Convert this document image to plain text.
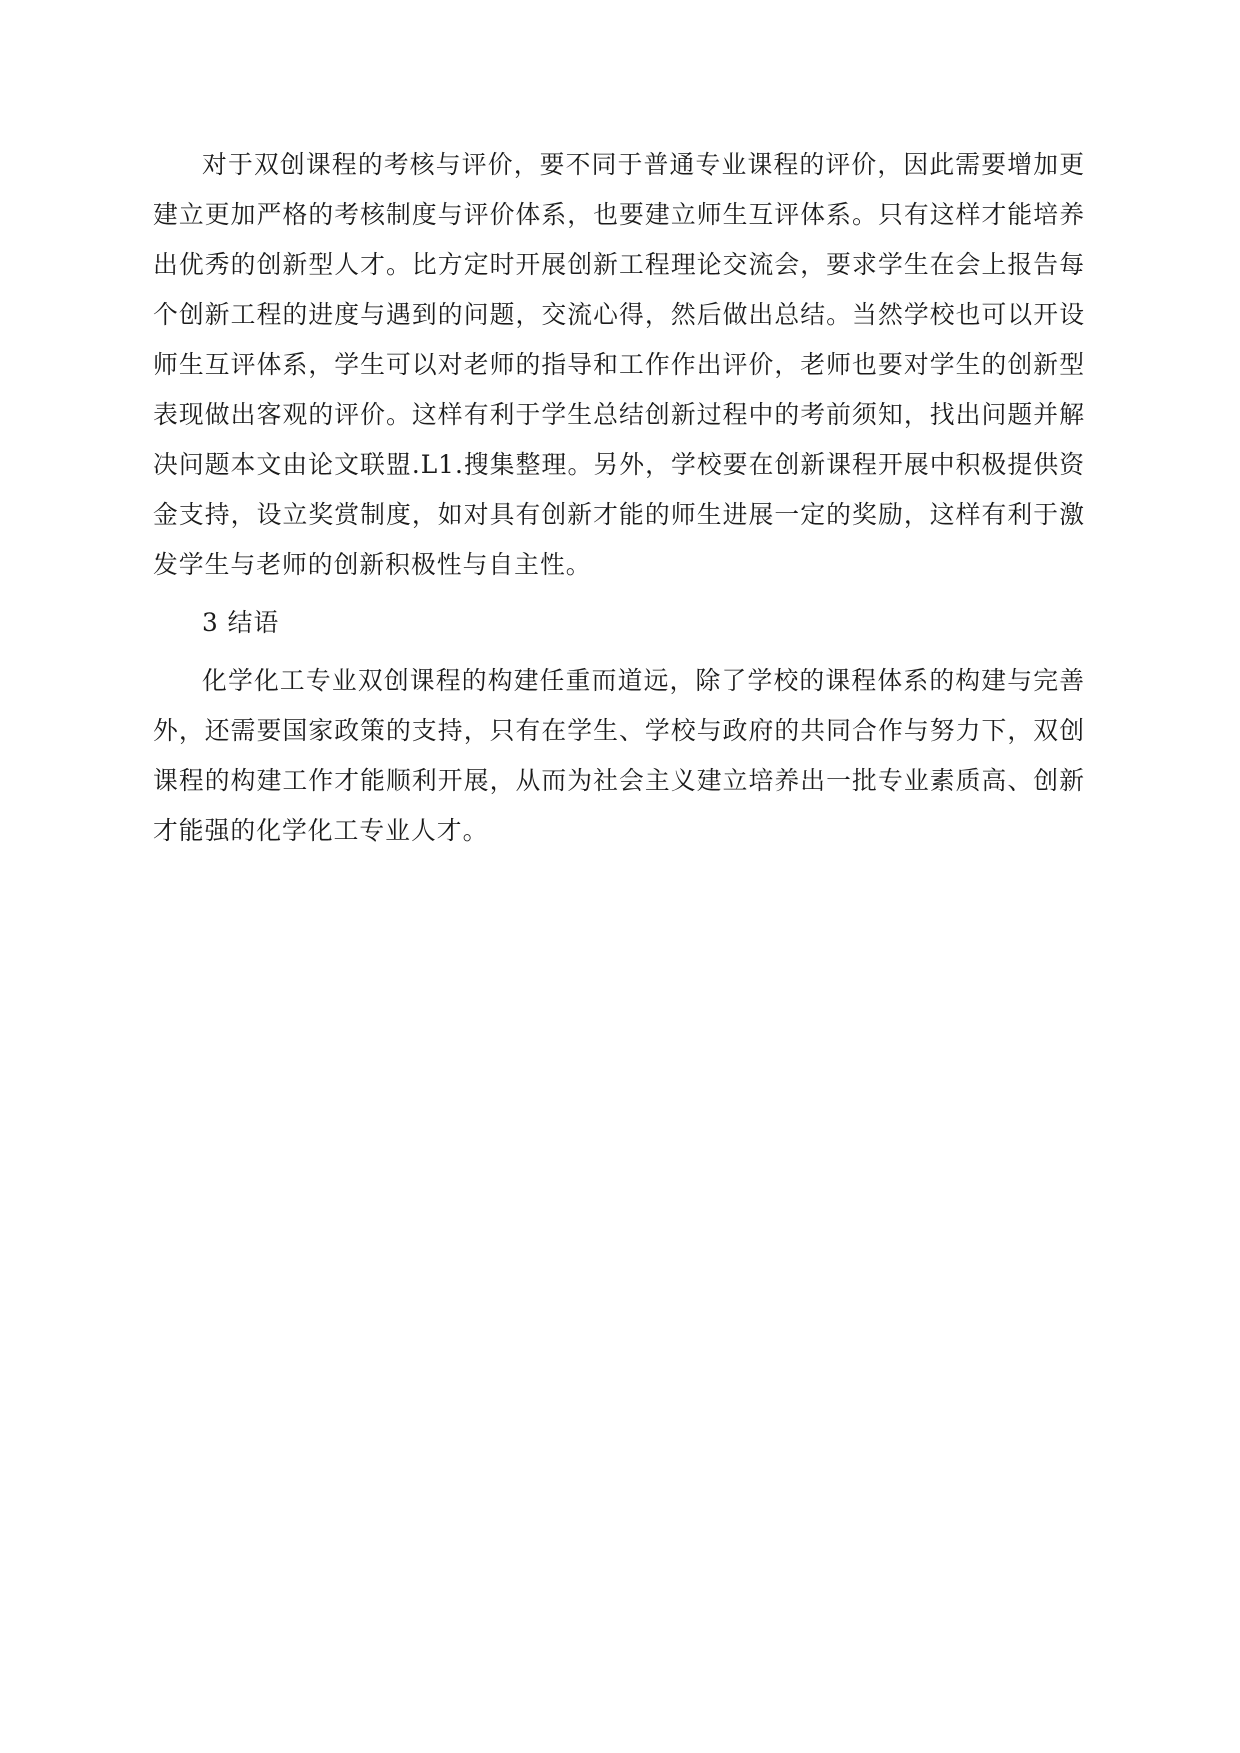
对于双创课程的考核与评价，要不同于普通专业课程的评价，因此需要增加更建立更加严格的考核制度与评价体系，也要建立师生互评体系。只有这样才能培养出优秀的创新型人才。比方定时开展创新工程理论交流会，要求学生在会上报告每个创新工程的进度与遇到的问题，交流心得，然后做出总结。当然学校也可以开设师生互评体系，学生可以对老师的指导和工作作出评价，老师也要对学生的创新型表现做出客观的评价。这样有利于学生总结创新过程中的考前须知，找出问题并解决问题本文由论文联盟.L1.搜集整理。另外，学校要在创新课程开展中积极提供资金支持，设立奖赏制度，如对具有创新才能的师生进展一定的奖励，这样有利于激发学生与老师的创新积极性与自主性。

3 结语

化学化工专业双创课程的构建任重而道远，除了学校的课程体系的构建与完善外，还需要国家政策的支持，只有在学生、学校与政府的共同合作与努力下，双创课程的构建工作才能顺利开展，从而为社会主义建立培养出一批专业素质高、创新才能强的化学化工专业人才。
